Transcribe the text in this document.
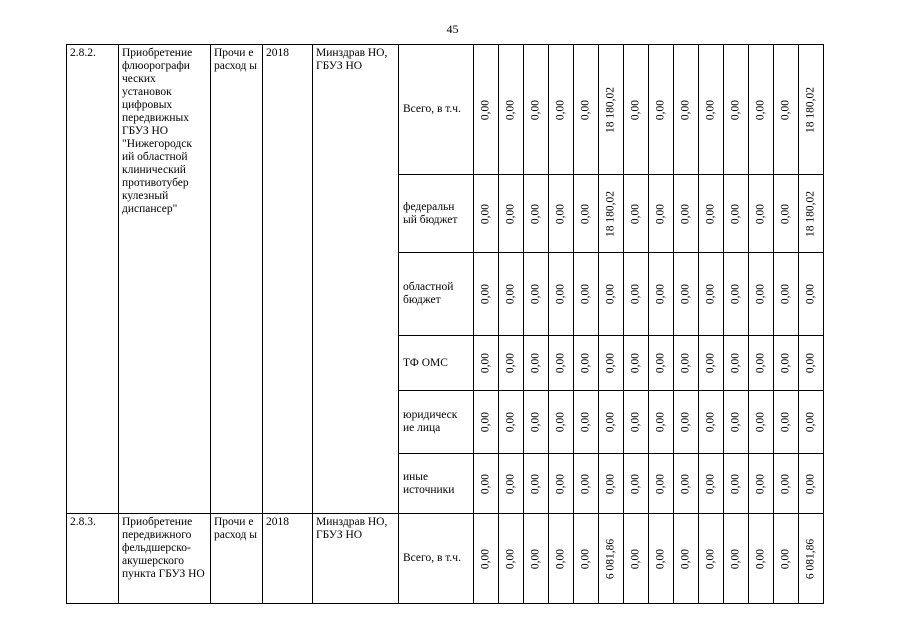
45
2.8.2.	Приобретение флюорографи ческих установок цифровых передвижных ГБУЗ НО "Нижегородск ий областной клинический противотубер кулезный диспансер"	Прочи е расход ы	2018	Минздрав НО, ГБУЗ НО	Всего, в т.ч.	0,00	0,00	0,00	0,00	0,00	18 180,02	0,00	0,00	0,00	0,00	0,00	0,00	0,00	18 180,02

					федеральн ый бюджет	0,00	0,00	0,00	0,00	0,00	18 180,02	0,00	0,00	0,00	0,00	0,00	0,00	0,00	18 180,02

					областной бюджет	0,00	0,00	0,00	0,00	0,00	0,00	0,00	0,00	0,00	0,00	0,00	0,00	0,00	0,00

					ТФ ОМС	0,00	0,00	0,00	0,00	0,00	0,00	0,00	0,00	0,00	0,00	0,00	0,00	0,00	0,00

					юридическ ие лица	0,00	0,00	0,00	0,00	0,00	0,00	0,00	0,00	0,00	0,00	0,00	0,00	0,00	0,00

					иные источники	0,00	0,00	0,00	0,00	0,00	0,00	0,00	0,00	0,00	0,00	0,00	0,00	0,00	0,00

2.8.3.	Приобретение передвижного фельдшерско- акушерского пункта ГБУЗ НО	Прочи е расход ы	2018	Минздрав НО, ГБУЗ НО	Всего, в т.ч.	0,00	0,00	0,00	0,00	0,00	6 081,86	0,00	0,00	0,00	0,00	0,00	0,00	0,00	6 081,86
